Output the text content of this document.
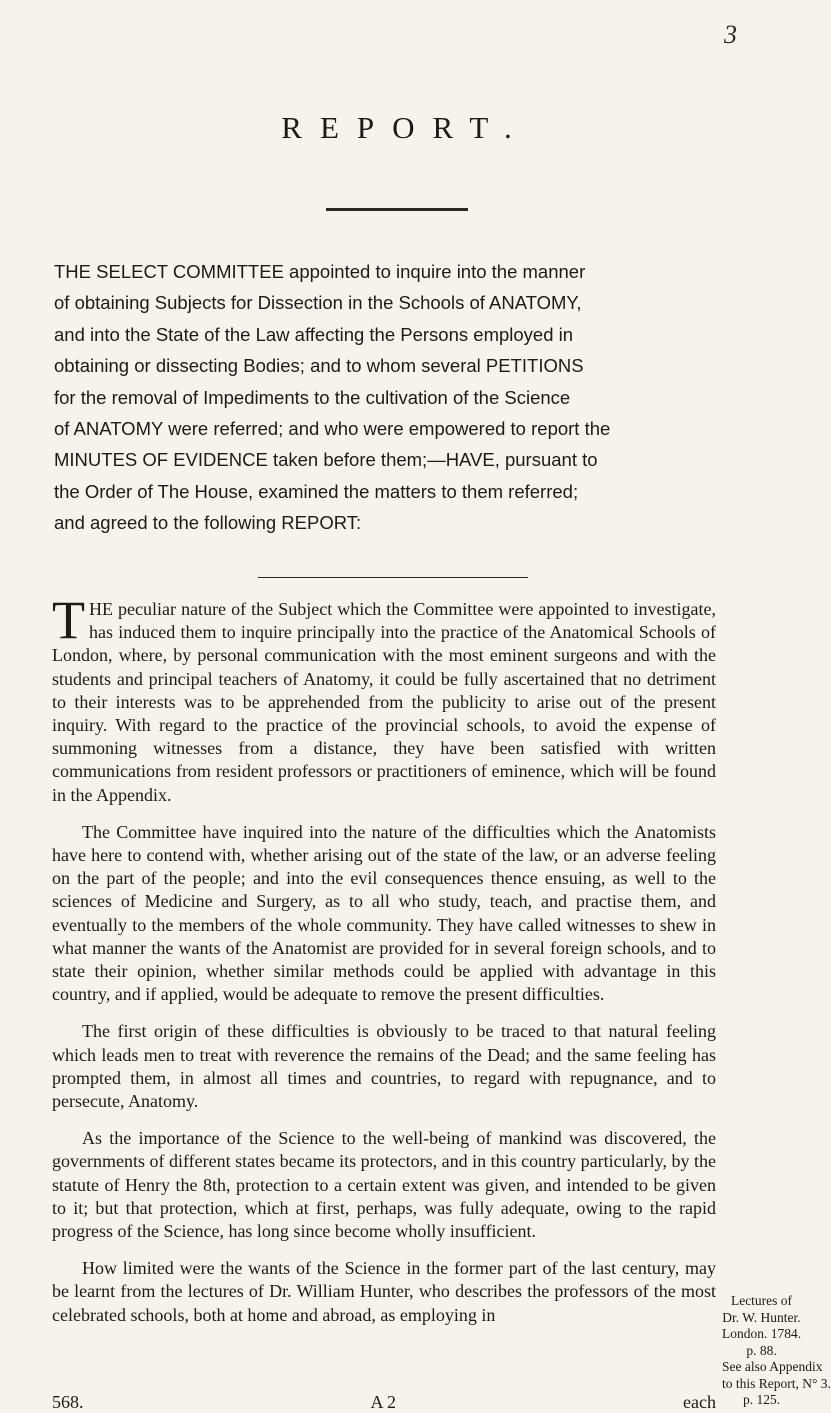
3
REPORT.
THE SELECT COMMITTEE appointed to inquire into the manner
of obtaining Subjects for Dissection in the Schools of ANATOMY,
and into the State of the Law affecting the Persons employed in
obtaining or dissecting Bodies; and to whom several PETITIONS
for the removal of Impediments to the cultivation of the Science
of ANATOMY were referred; and who were empowered to report the
MINUTES OF EVIDENCE taken before them;—HAVE, pursuant to
the Order of The House, examined the matters to them referred;
and agreed to the following REPORT:

THE peculiar nature of the Subject which the Committee were appointed to investigate, has induced them to inquire principally into the practice of the Anatomical Schools of London, where, by personal communication with the most eminent surgeons and with the students and principal teachers of Anatomy, it could be fully ascertained that no detriment to their interests was to be apprehended from the publicity to arise out of the present inquiry. With regard to the practice of the provincial schools, to avoid the expense of summoning witnesses from a distance, they have been satisfied with written communications from resident professors or practitioners of eminence, which will be found in the Appendix.

The Committee have inquired into the nature of the difficulties which the Anatomists have here to contend with, whether arising out of the state of the law, or an adverse feeling on the part of the people; and into the evil consequences thence ensuing, as well to the sciences of Medicine and Surgery, as to all who study, teach, and practise them, and eventually to the members of the whole community. They have called witnesses to shew in what manner the wants of the Anatomist are provided for in several foreign schools, and to state their opinion, whether similar methods could be applied with advantage in this country, and if applied, would be adequate to remove the present difficulties.

The first origin of these difficulties is obviously to be traced to that natural feeling which leads men to treat with reverence the remains of the Dead; and the same feeling has prompted them, in almost all times and countries, to regard with repugnance, and to persecute, Anatomy.

As the importance of the Science to the well-being of mankind was discovered, the governments of different states became its protectors, and in this country particularly, by the statute of Henry the 8th, protection to a certain extent was given, and intended to be given to it; but that protection, which at first, perhaps, was fully adequate, owing to the rapid progress of the Science, has long since become wholly insufficient.

How limited were the wants of the Science in the former part of the last century, may be learnt from the lectures of Dr. William Hunter, who describes the professors of the most celebrated schools, both at home and abroad, as employing in

568.	A 2	each
Lectures of
Dr. W. Hunter.
London. 1784.
p. 88.
See also Appendix
to this Report, N° 3.
p. 125.
